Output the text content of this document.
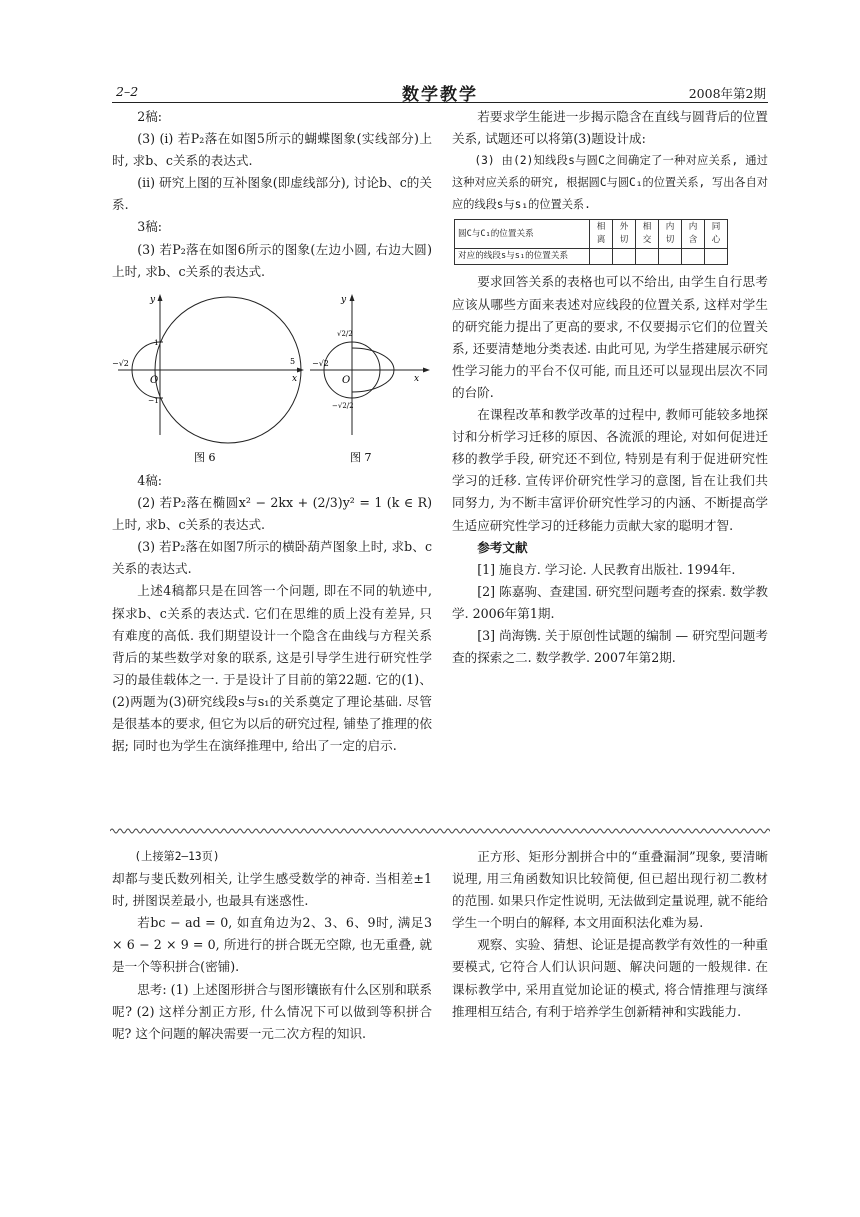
2–2	数学教学	2008年第2期

2稿:

(3) (i) 若P₂落在如图5所示的蝴蝶图象(实线部分)上时, 求b、c关系的表达式.

(ii) 研究上图的互补图象(即虚线部分), 讨论b、c的关系.

3稿:

(3) 若P₂落在如图6所示的图象(左边小圆, 右边大圆)上时, 求b、c关系的表达式.

y
x
O
−√2	5
1
−1
图 6
y
x
O
−√2
√2/2
−√2/2
图 7

4稿:

(2) 若P₂落在椭圆x² − 2kx + (2/3)y² = 1 (k ∈ R)上时, 求b、c关系的表达式.

(3) 若P₂落在如图7所示的横卧葫芦图象上时, 求b、c关系的表达式.

上述4稿都只是在回答一个问题, 即在不同的轨迹中, 探求b、c关系的表达式. 它们在思维的质上没有差异, 只有难度的高低. 我们期望设计一个隐含在曲线与方程关系背后的某些数学对象的联系, 这是引导学生进行研究性学习的最佳载体之一. 于是设计了目前的第22题. 它的(1)、(2)两题为(3)研究线段s与s₁的关系奠定了理论基础. 尽管是很基本的要求, 但它为以后的研究过程, 铺垫了推理的依据; 同时也为学生在演绎推理中, 给出了一定的启示.

若要求学生能进一步揭示隐含在直线与圆背后的位置关系, 试题还可以将第(3)题设计成:

(3) 由(2)知线段s与圆C之间确定了一种对应关系, 通过这种对应关系的研究, 根据圆C与圆C₁的位置关系, 写出各自对应的线段s与s₁的位置关系.

圆C与C₁的位置关系	相离	外切	相交	内切	内含	同心
对应的线段s与s₁的位置关系						

要求回答关系的表格也可以不给出, 由学生自行思考应该从哪些方面来表述对应线段的位置关系, 这样对学生的研究能力提出了更高的要求, 不仅要揭示它们的位置关系, 还要清楚地分类表述. 由此可见, 为学生搭建展示研究性学习能力的平台不仅可能, 而且还可以显现出层次不同的台阶.

在课程改革和教学改革的过程中, 教师可能较多地探讨和分析学习迁移的原因、各流派的理论, 对如何促进迁移的教学手段, 研究还不到位, 特别是有利于促进研究性学习的迁移. 宣传评价研究性学习的意图, 旨在让我们共同努力, 为不断丰富评价研究性学习的内涵、不断提高学生适应研究性学习的迁移能力贡献大家的聪明才智.

参考文献

[1] 施良方. 学习论. 人民教育出版社. 1994年.

[2] 陈嘉驹、查建国. 研究型问题考查的探索. 数学教学. 2006年第1期.

[3] 尚海镌. 关于原创性试题的编制 — 研究型问题考查的探索之二. 数学教学. 2007年第2期.

(上接第2–13页)

却都与斐氏数列相关, 让学生感受数学的神奇. 当相差±1时, 拼图误差最小, 也最具有迷惑性.

若bc − ad = 0, 如直角边为2、3、6、9时, 满足3 × 6 − 2 × 9 = 0, 所进行的拼合既无空隙, 也无重叠, 就是一个等积拼合(密铺).

思考: (1) 上述图形拼合与图形镶嵌有什么区别和联系呢? (2) 这样分割正方形, 什么情况下可以做到等积拼合呢? 这个问题的解决需要一元二次方程的知识.

正方形、矩形分割拼合中的“重叠漏洞”现象, 要清晰说理, 用三角函数知识比较简便, 但已超出现行初二教材的范围. 如果只作定性说明, 无法做到定量说理, 就不能给学生一个明白的解释, 本文用面积法化难为易.

观察、实验、猜想、论证是提高教学有效性的一种重要模式, 它符合人们认识问题、解决问题的一般规律. 在课标教学中, 采用直觉加论证的模式, 将合情推理与演绎推理相互结合, 有利于培养学生创新精神和实践能力.
